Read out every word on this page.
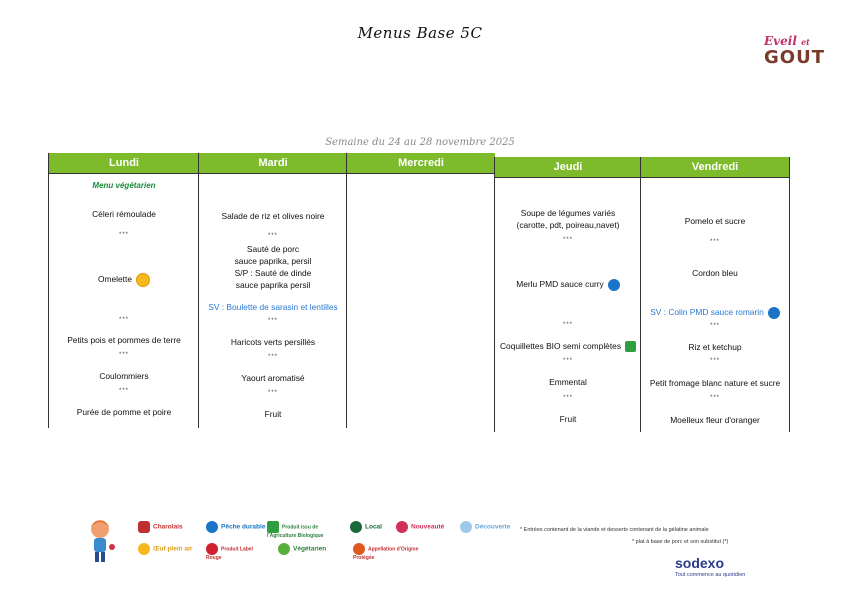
Menus Base 5C	Eveil et
GOUT
Semaine du 24 au 28 novembre 2025
Lundi
Menu végétarien
Céleri rémoulade
***
Omelette
***
Petits pois et pommes de terre
***
Coulommiers
***
Purée de pomme et poire
Mardi
Salade de riz et olives noire
***
Sauté de porc
sauce paprika, persil
S/P : Sauté de dinde
sauce paprika persil
SV : Boulette de sarasin et lentilles
***
Haricots verts persillés
***
Yaourt aromatisé
***
Fruit
Mercredi	Jeudi
Soupe de légumes variés
(carotte, pdt, poireau,navet)
***
Merlu PMD sauce curry
***
Coquillettes BIO semi complètes
***
Emmental
***
Fruit
Vendredi
Pomelo et sucre
***
Cordon bleu
SV : Colin PMD sauce romarin
***
Riz et ketchup
***
Petit fromage blanc nature et sucre
***
Moelleux fleur d'oranger
Charolais	Pêche durable	Produit issu de l'Agriculture Biologique
Local	Nouveauté	Découverte
Œuf plein air	Produit Label Rouge
Végétarien	Appellation d'Origine Protégée
* Entrées contenant de la viande et desserts contenant de la gélatine animale
* plat à base de porc et son substitut (*)
sodexo
Tout commence au quotidien
